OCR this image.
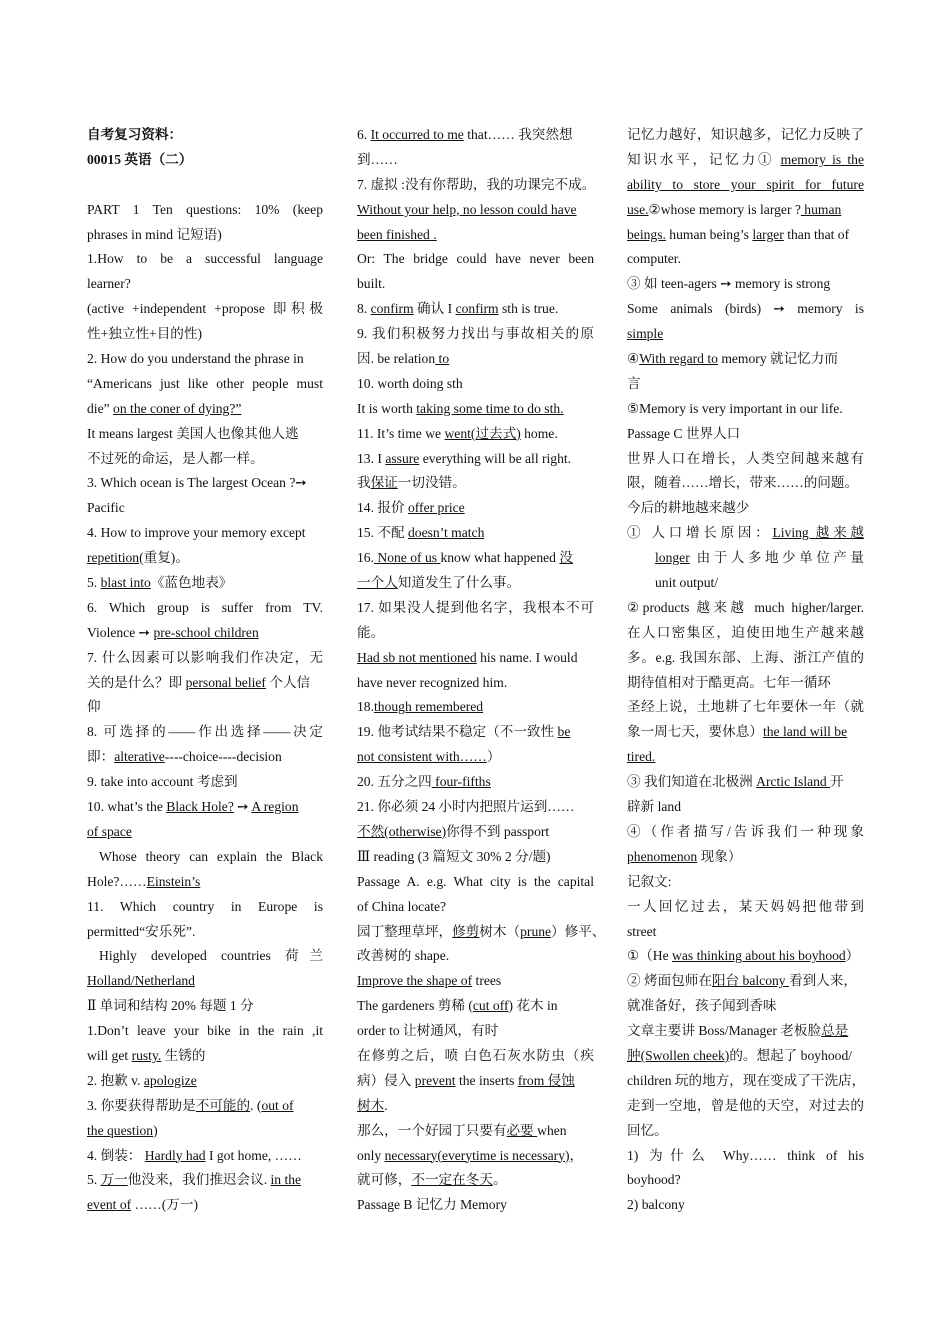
自考复习资料：
00015 英语（二）
PART 1 Ten questions: 10% (keep
phrases in mind 记短语)
1.How to be a successful language
learner?
(active +independent +propose 即积极
性+独立性+目的性)
2. How do you understand the phrase in
“Americans just like other people must
die” on the coner of dying?”
It means largest 美国人也像其他人逃
不过死的命运，是人都一样。
3. Which ocean is The largest Ocean ?➙
Pacific
4. How to improve your memory except
repetition(重复)。
5. blast into《蓝色地表》
6. Which group is suffer from TV.
Violence ➙ pre-school children
7. 什么因素可以影响我们作决定，无
关的是什么？即 personal belief 个人信
仰
8. 可选择的——作出选择——决定
即：alterative----choice----decision
9. take into account 考虑到
10. what’s the Black Hole? ➙ A region
of space
Whose theory can explain the Black
Hole?……Einstein’s
11. Which country in Europe is
permitted“安乐死”.
Highly developed countries 荷兰
Holland/Netherland
Ⅱ 单词和结构 20% 每题 1 分
1.Don’t leave your bike in the rain ,it
will get rusty. 生锈的
2. 抱歉 v. apologize
3. 你要获得帮助是不可能的. (out of
the question)
4. 倒装： Hardly had I got home, ……
5. 万一他没来，我们推迟会议. in the
event of ……(万一)
6. It occurred to me that…… 我突然想
到……
7. 虚拟 :没有你帮助，我的功课完不成。
Without your help, no lesson could have
been finished .
Or: The bridge could have never been
built.
8. confirm 确认 I confirm sth is true.
9. 我们积极努力找出与事故相关的原
因. be relation to
10. worth doing sth
It is worth taking some time to do sth.
11. It’s time we went(过去式) home.
13. I assure everything will be all right.
我保证一切没错。
14. 报价 offer price
15. 不配 doesn’t match
16. None of us know what happened 没
一个人知道发生了什么事。
17. 如果没人提到他名字，我根本不可
能。
Had sb not mentioned his name. I would
have never recognized him.
18.though remembered
19. 他考试结果不稳定（不一致性 be
not consistent with……）
20. 五分之四 four-fifths
21. 你必须 24 小时内把照片运到……
不然(otherwise)你得不到 passport
Ⅲ reading (3 篇短文 30% 2 分/题)
Passage A. e.g. What city is the capital
of China locate?
园丁整理草坪，修剪树木（prune）修平、
改善树的 shape.
Improve the shape of trees
The gardeners 剪稀 (cut off) 花木 in
order to 让树通风，有时
在修剪之后，喷 白色石灰水防虫（疾
病）侵入 prevent the inserts from 侵蚀
树木.
那么，一个好园丁只要有必要 when
only necessary(everytime is necessary)，
就可修，不一定在冬天。
Passage B 记忆力 Memory
记忆力越好，知识越多，记忆力反映了
知识水平，记忆力① memory is the
ability to store your spirit for future
use.②whose memory is larger ? human
beings. human being’s larger than that of
computer.
③ 如 teen-agers ➙ memory is strong
Some animals (birds) ➙ memory is
simple
④With regard to memory 就记忆力而
言
⑤Memory is very important in our life.
Passage C 世界人口
世界人口在增长，人类空间越来越有
限，随着……增长，带来……的问题。
今后的耕地越来越少
① 人口增长原因：Living 越来越
longer 由于人多地少单位产量
unit output/
②products 越来越 much higher/larger.
在人口密集区，迫使田地生产越来越
多。e.g. 我国东部、上海、浙江产值的
期待值相对于酷更高。七年一循环
圣经上说，土地耕了七年要休一年（就
象一周七天，要休息）the land will be
tired.
③ 我们知道在北极洲 Arctic Island 开
辟新 land
④（作者描写/告诉我们一种现象
phenomenon 现象）
记叙文:
一人回忆过去，某天妈妈把他带到
street
①（He was thinking about his boyhood）
② 烤面包师在阳台 balcony 看到人来，
就准备好，孩子闻到香味
文章主要讲 Boss/Manager 老板脸总是
肿(Swollen cheek)的。想起了 boyhood/
children 玩的地方，现在变成了干洗店，
走到一空地，曾是他的天空，对过去的
回忆。
1) 为什么 Why…… think of his
boyhood?
2) balcony
